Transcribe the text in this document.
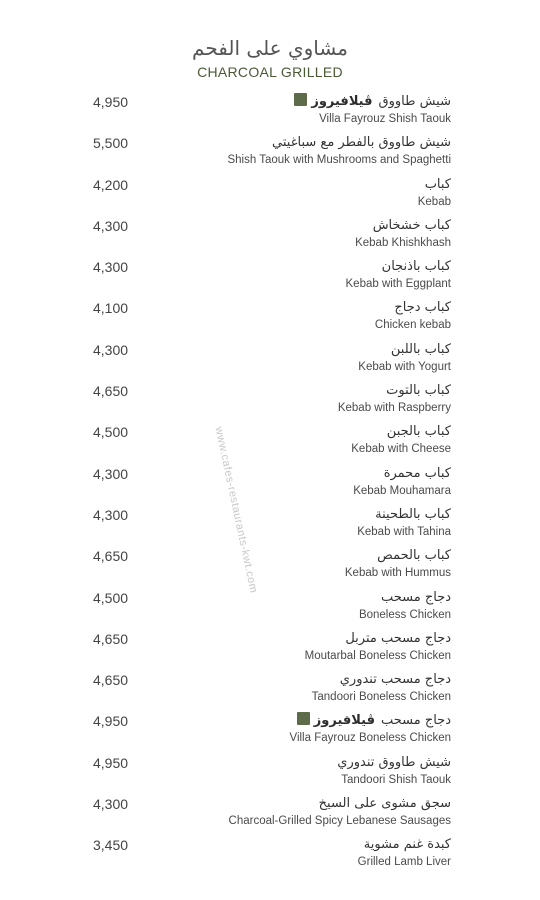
مشاوي على الفحم
CHARCOAL GRILLED
www.cafes-restaurants-kwt.com
4,950	شيش طاووقڤيلافيروز
Villa Fayrouz Shish Taouk
5,500	شيش طاووق بالفطر مع سباغيتي
Shish Taouk with Mushrooms and Spaghetti
4,200	كباب
Kebab
4,300	كباب خشخاش
Kebab Khishkhash
4,300	كباب باذنجان
Kebab with Eggplant
4,100	كباب دجاج
Chicken kebab
4,300	كباب باللبن
Kebab with Yogurt
4,650	كباب بالتوت
Kebab with Raspberry
4,500	كباب بالجبن
Kebab with Cheese
4,300	كباب محمرة
Kebab Mouhamara
4,300	كباب بالطحينة
Kebab with Tahina
4,650	كباب بالحمص
Kebab with Hummus
4,500	دجاج مسحب
Boneless Chicken
4,650	دجاج مسحب متربل
Moutarbal Boneless Chicken
4,650	دجاج مسحب تندوري
Tandoori Boneless Chicken
4,950	دجاج مسحبڤيلافيروز
Villa Fayrouz Boneless Chicken
4,950	شيش طاووق تندوري
Tandoori Shish Taouk
4,300	سجق مشوى على السيخ
Charcoal-Grilled Spicy Lebanese Sausages
3,450	كبدة غنم مشوية
Grilled Lamb Liver
